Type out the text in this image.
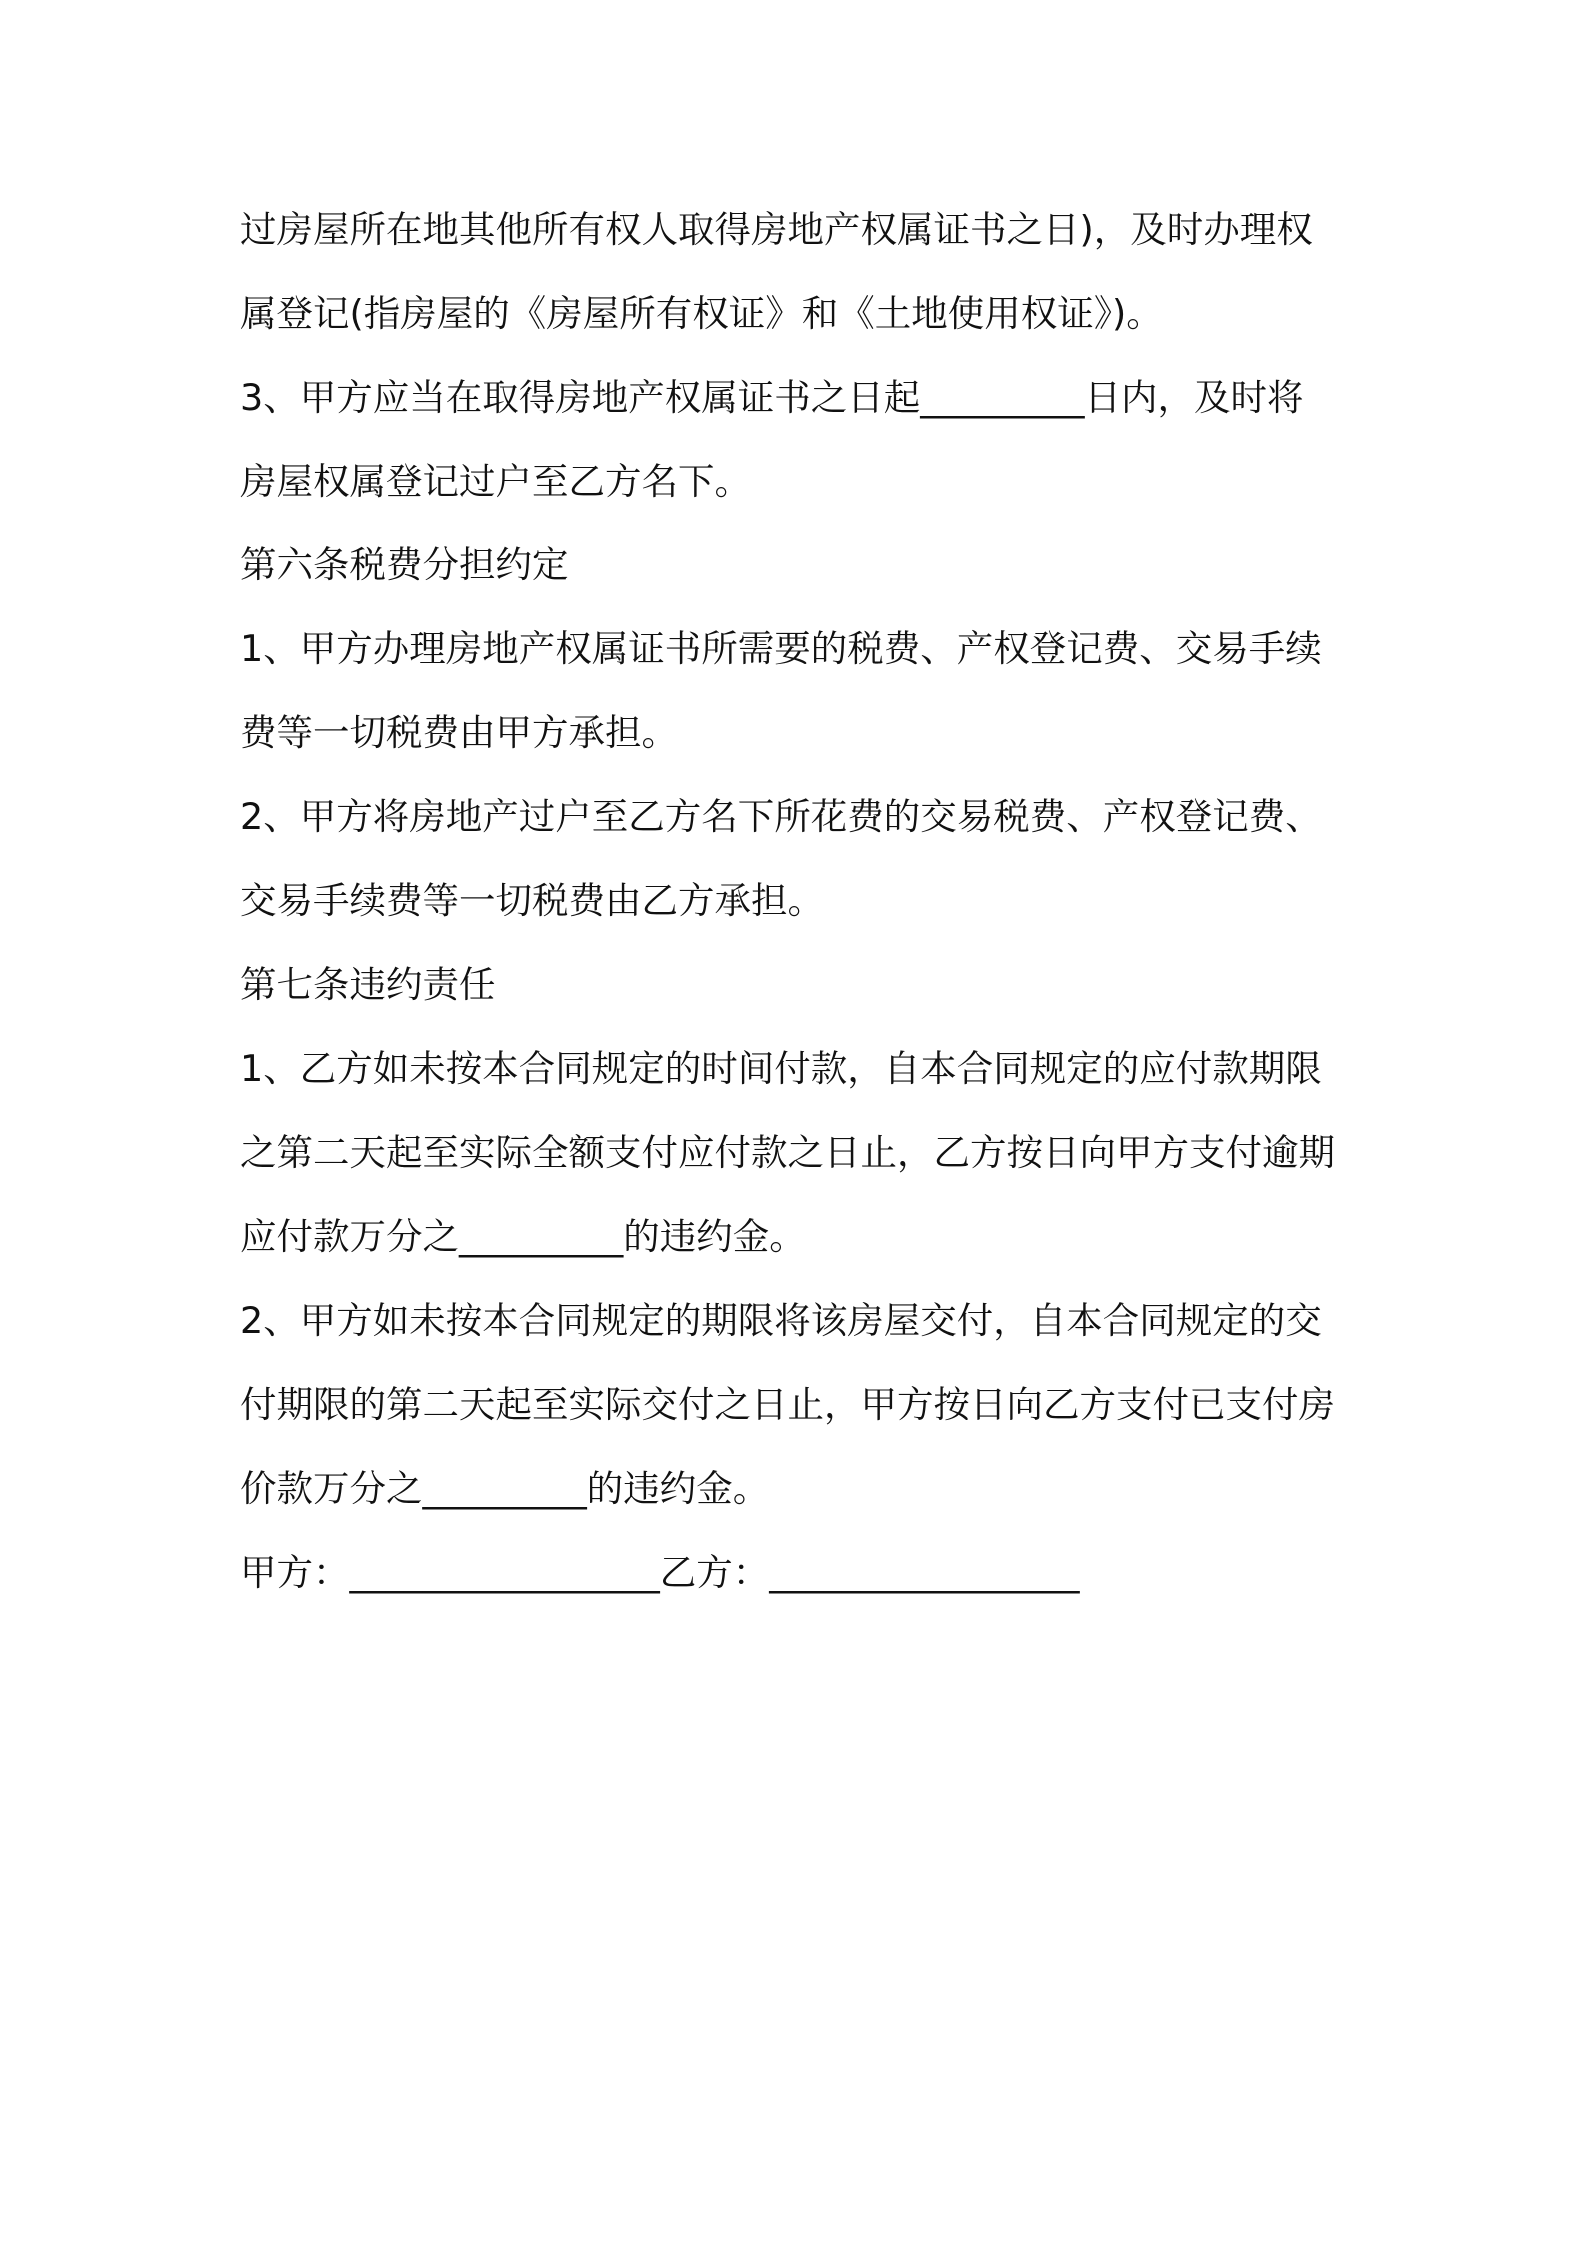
过房屋所在地其他所有权人取得房地产权属证书之日)，及时办理权
属登记(指房屋的《房屋所有权证》和《土地使用权证》)。
3、甲方应当在取得房地产权属证书之日起_________日内，及时将
房屋权属登记过户至乙方名下。
第六条税费分担约定
1、甲方办理房地产权属证书所需要的税费、产权登记费、交易手续
费等一切税费由甲方承担。
2、甲方将房地产过户至乙方名下所花费的交易税费、产权登记费、
交易手续费等一切税费由乙方承担。
第七条违约责任
1、乙方如未按本合同规定的时间付款，自本合同规定的应付款期限
之第二天起至实际全额支付应付款之日止，乙方按日向甲方支付逾期
应付款万分之_________的违约金。
2、甲方如未按本合同规定的期限将该房屋交付，自本合同规定的交
付期限的第二天起至实际交付之日止，甲方按日向乙方支付已支付房
价款万分之_________的违约金。
甲方：_________________乙方：_________________
